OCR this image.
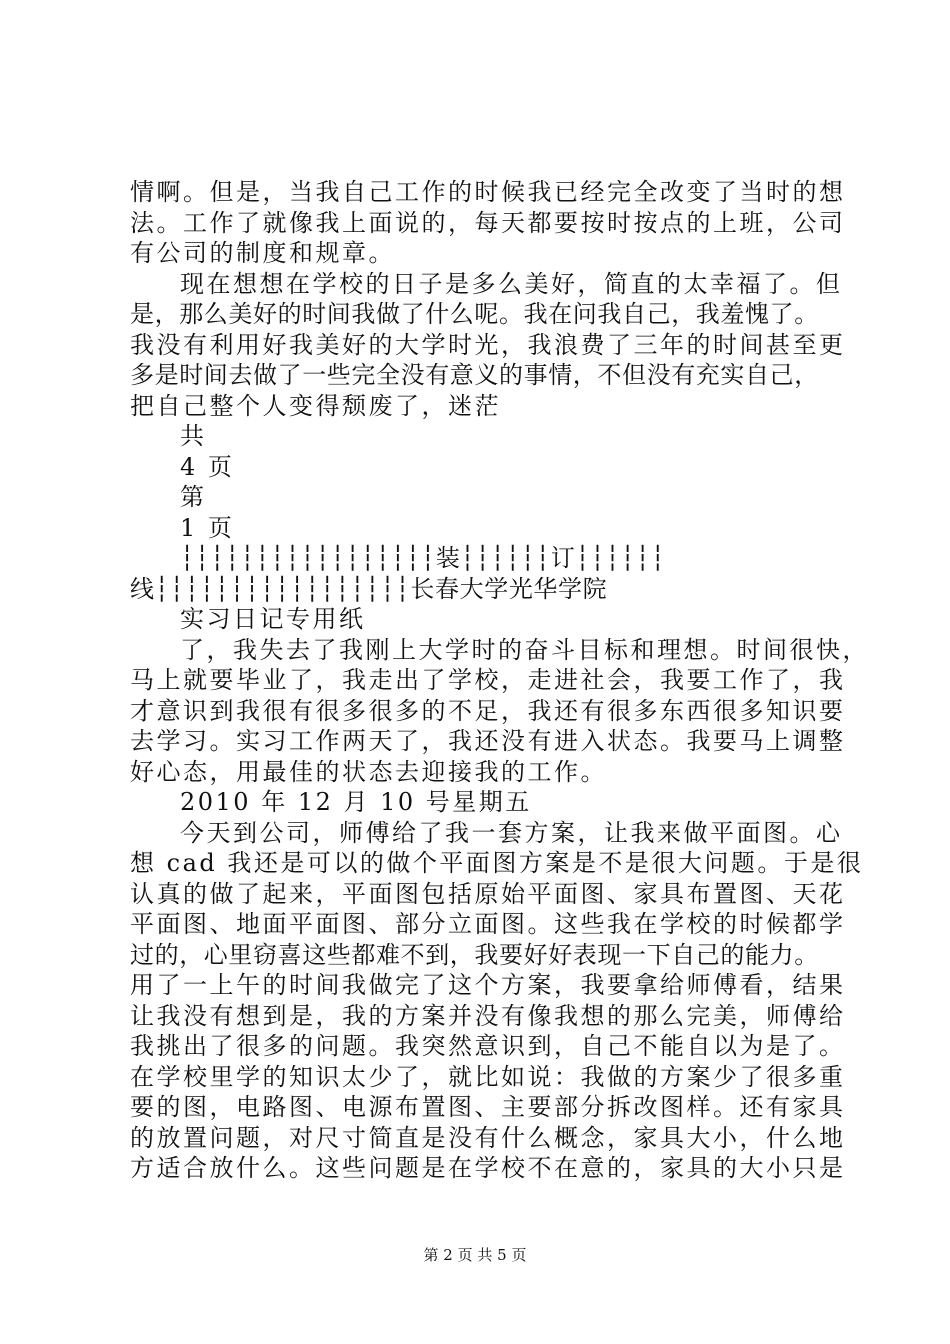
情啊。但是，当我自己工作的时候我已经完全改变了当时的想
法。工作了就像我上面说的，每天都要按时按点的上班，公司
有公司的制度和规章。
现在想想在学校的日子是多么美好，简直的太幸福了。但
是，那么美好的时间我做了什么呢。我在问我自己，我羞愧了。
我没有利用好我美好的大学时光，我浪费了三年的时间甚至更
多是时间去做了一些完全没有意义的事情，不但没有充实自己，
把自己整个人变得颓废了，迷茫
共
4 页
第
1 页
┆┆┆┆┆┆┆┆┆┆┆┆┆┆┆┆┆装┆┆┆┆┆┆订┆┆┆┆┆┆
线┆┆┆┆┆┆┆┆┆┆┆┆┆┆┆┆┆长春大学光华学院
实习日记专用纸
了，我失去了我刚上大学时的奋斗目标和理想。时间很快，
马上就要毕业了，我走出了学校，走进社会，我要工作了，我
才意识到我很有很多很多的不足，我还有很多东西很多知识要
去学习。实习工作两天了，我还没有进入状态。我要马上调整
好心态，用最佳的状态去迎接我的工作。
2010 年 12 月 10 号星期五
今天到公司，师傅给了我一套方案，让我来做平面图。心
想 cad 我还是可以的做个平面图方案是不是很大问题。于是很
认真的做了起来，平面图包括原始平面图、家具布置图、天花
平面图、地面平面图、部分立面图。这些我在学校的时候都学
过的，心里窃喜这些都难不到，我要好好表现一下自己的能力。
用了一上午的时间我做完了这个方案，我要拿给师傅看，结果
让我没有想到是，我的方案并没有像我想的那么完美，师傅给
我挑出了很多的问题。我突然意识到，自己不能自以为是了。
在学校里学的知识太少了，就比如说：我做的方案少了很多重
要的图，电路图、电源布置图、主要部分拆改图样。还有家具
的放置问题，对尺寸简直是没有什么概念，家具大小，什么地
方适合放什么。这些问题是在学校不在意的，家具的大小只是
第 2 页 共 5 页
